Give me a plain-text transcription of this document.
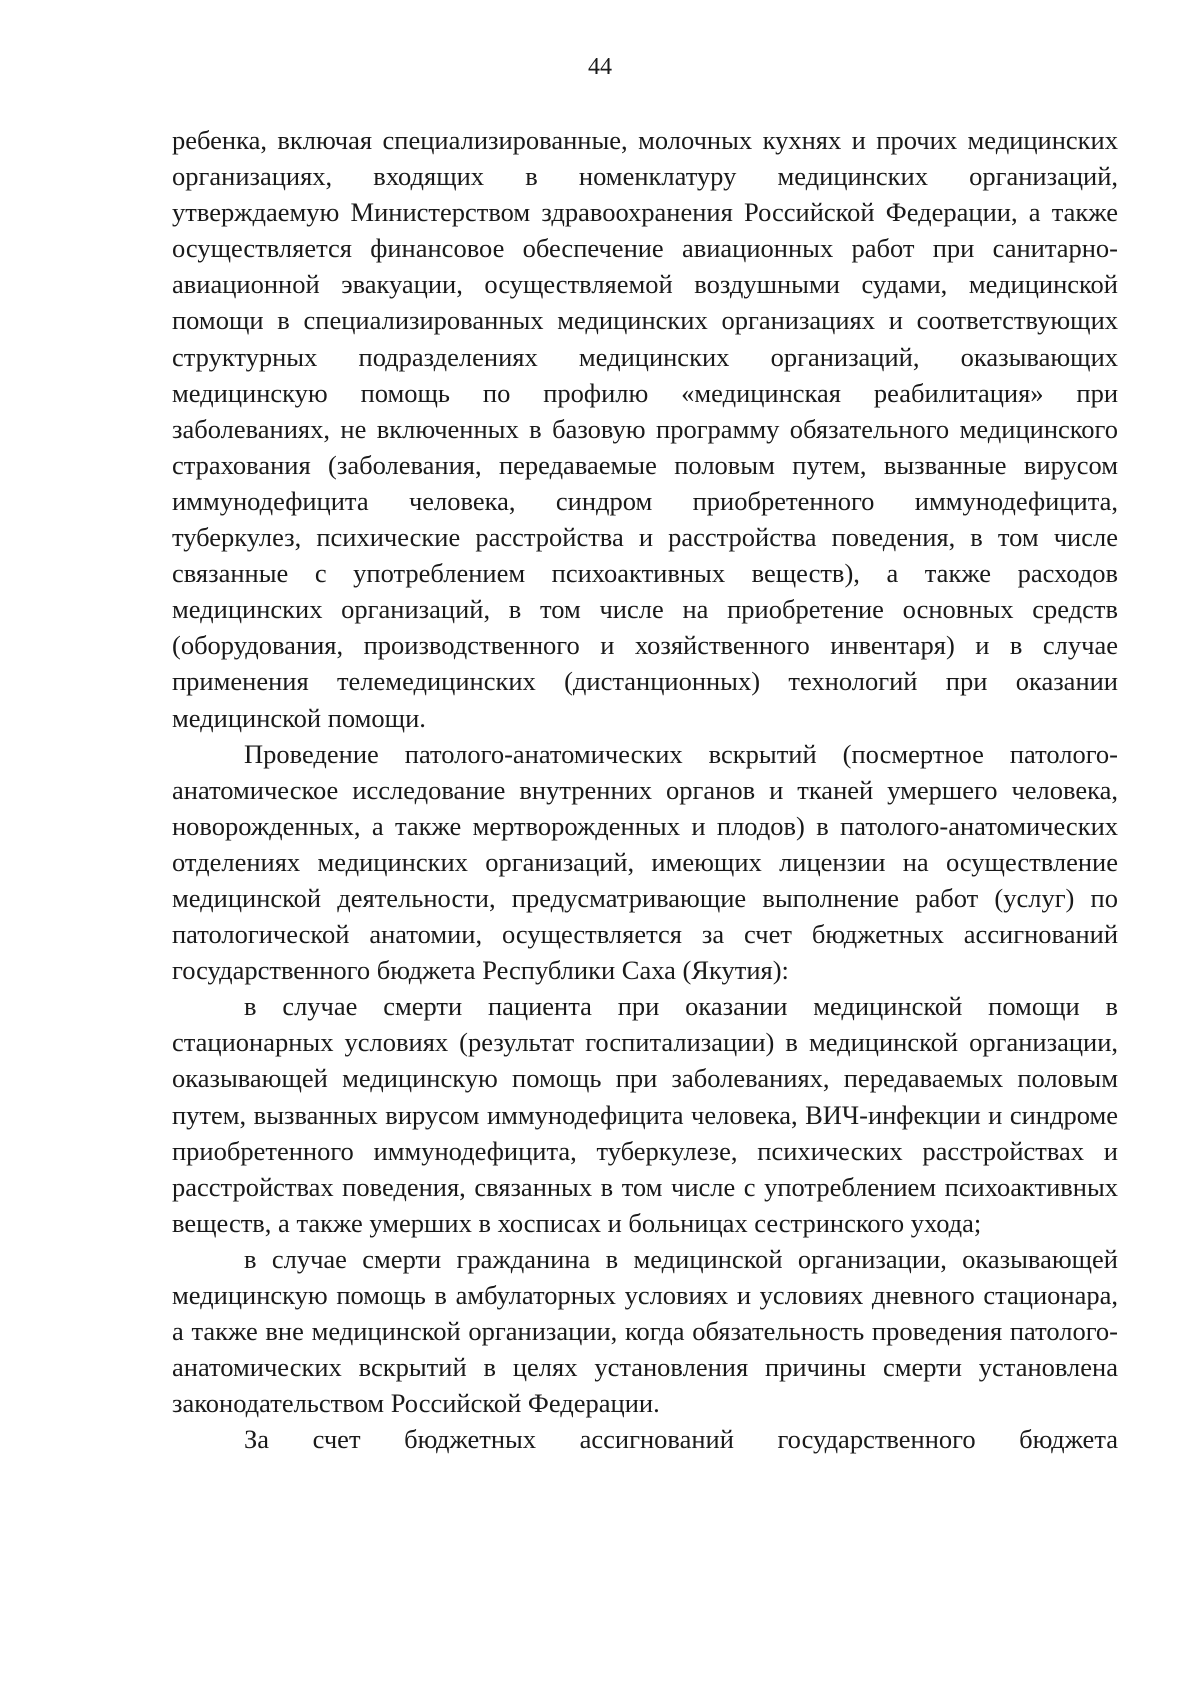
44

ребенка, включая специализированные, молочных кухнях и прочих медицинских организациях, входящих в номенклатуру медицинских организаций, утверждаемую Министерством здравоохранения Российской Федерации, а также осуществляется финансовое обеспечение авиационных работ при санитарно-авиационной эвакуации, осуществляемой воздушными судами, медицинской помощи в специализированных медицинских организациях и соответствующих структурных подразделениях медицинских организаций, оказывающих медицинскую помощь по профилю «медицинская реабилитация» при заболеваниях, не включенных в базовую программу обязательного медицинского страхования (заболевания, передаваемые половым путем, вызванные вирусом иммунодефицита человека, синдром приобретенного иммунодефицита, туберкулез, психические расстройства и расстройства поведения, в том числе связанные с употреблением психоактивных веществ), а также расходов медицинских организаций, в том числе на приобретение основных средств (оборудования, производственного и хозяйственного инвентаря) и в случае применения телемедицинских (дистанционных) технологий при оказании медицинской помощи.

Проведение патолого-анатомических вскрытий (посмертное патолого-анатомическое исследование внутренних органов и тканей умершего человека, новорожденных, а также мертворожденных и плодов) в патолого-анатомических отделениях медицинских организаций, имеющих лицензии на осуществление медицинской деятельности, предусматривающие выполнение работ (услуг) по патологической анатомии, осуществляется за счет бюджетных ассигнований государственного бюджета Республики Саха (Якутия):

в случае смерти пациента при оказании медицинской помощи в стационарных условиях (результат госпитализации) в медицинской организации, оказывающей медицинскую помощь при заболеваниях, передаваемых половым путем, вызванных вирусом иммунодефицита человека, ВИЧ-инфекции и синдроме приобретенного иммунодефицита, туберкулезе, психических расстройствах и расстройствах поведения, связанных в том числе с употреблением психоактивных веществ, а также умерших в хосписах и больницах сестринского ухода;

в случае смерти гражданина в медицинской организации, оказывающей медицинскую помощь в амбулаторных условиях и условиях дневного стационара, а также вне медицинской организации, когда обязательность проведения патолого-анатомических вскрытий в целях установления причины смерти установлена законодательством Российской Федерации.

За счет бюджетных ассигнований государственного бюджета
